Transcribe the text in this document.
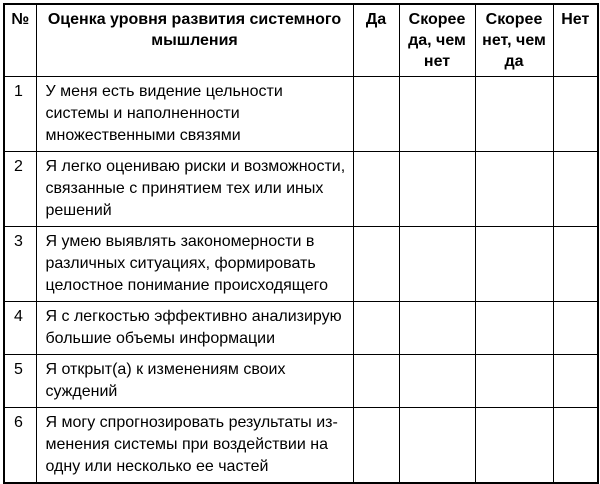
№	Оценка уровня развития системного мышления	Да	Скорее да, чем нет	Скорее нет, чем да	Нет
1	У меня есть видение цельности системы и наполненности множественными связями				
2	Я легко оцениваю риски и возможности, связанные с принятием тех или иных решений				
3	Я умею выявлять закономерности в различных ситуациях, формировать целостное понимание происходящего				
4	Я с легкостью эффективно анализирую большие объемы информации				
5	Я открыт(а) к изменениям своих суждений				
6	Я могу спрогнозировать результаты изменения системы при воздействии на одну или несколько ее частей				
